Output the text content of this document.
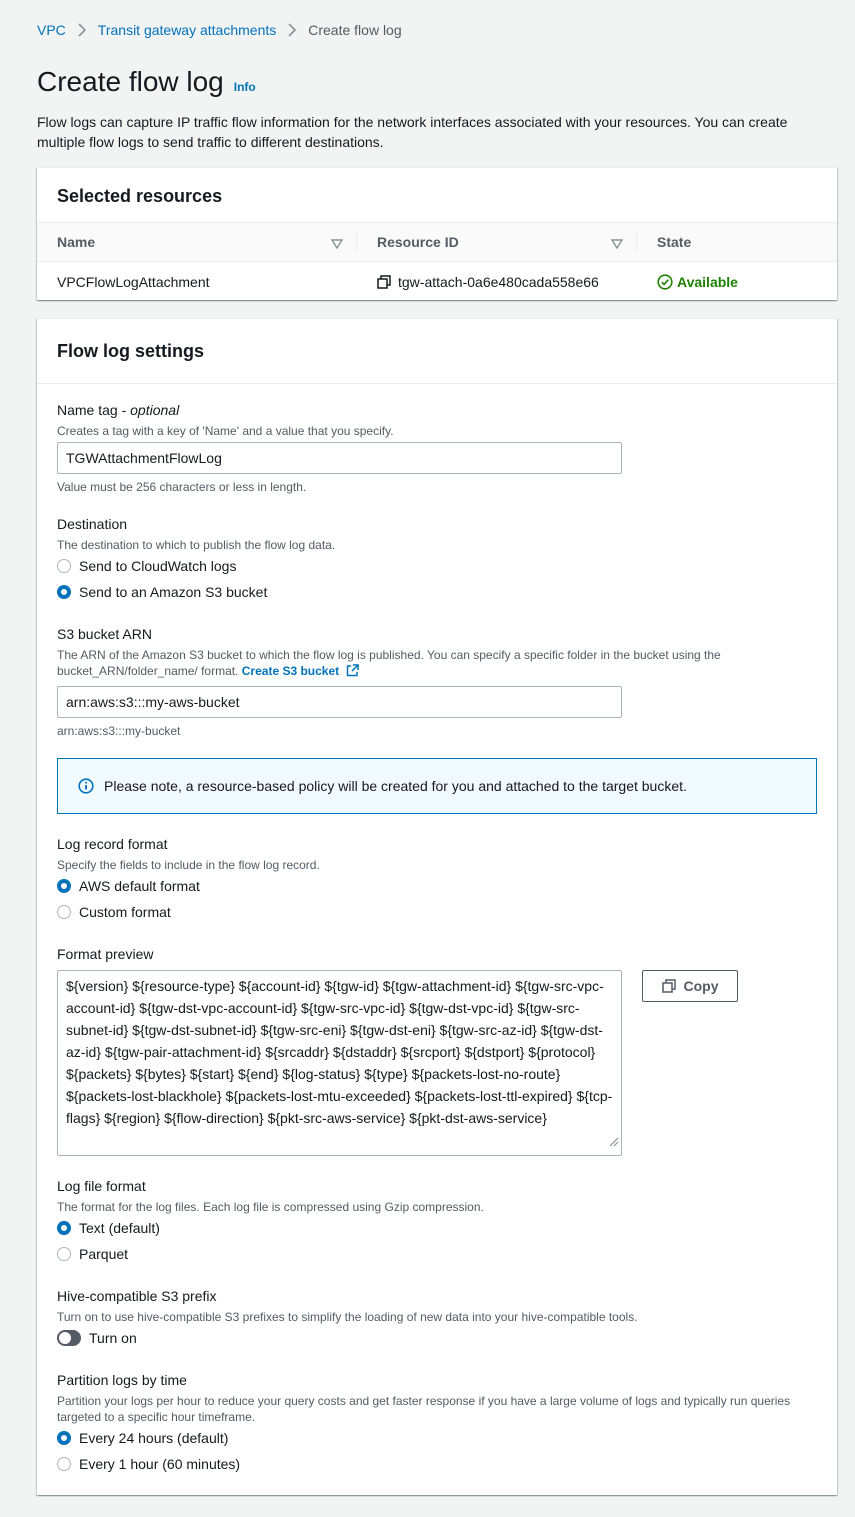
VPC Transit gateway attachments Create flow log
Create flow log Info

Flow logs can capture IP traffic flow information for the network interfaces associated with your resources. You can create multiple flow logs to send traffic to different destinations.

Selected resources
Name	Resource ID	State
VPCFlowLogAttachment	tgw-attach-0a6e480cada558e66	Available
Flow log settings
Name tag - optional
Creates a tag with a key of 'Name' and a value that you specify.
TGWAttachmentFlowLog
Value must be 256 characters or less in length.
Destination
The destination to which to publish the flow log data.
Send to CloudWatch logs
Send to an Amazon S3 bucket
S3 bucket ARN
The ARN of the Amazon S3 bucket to which the flow log is published. You can specify a specific folder in the bucket using the
bucket_ARN/folder_name/ format. Create S3 bucket
arn:aws:s3:::my-aws-bucket
arn:aws:s3:::my-bucket
Please note, a resource-based policy will be created for you and attached to the target bucket.
Log record format
Specify the fields to include in the flow log record.
AWS default format
Custom format
Format preview
${version} ${resource-type} ${account-id} ${tgw-id} ${tgw-attachment-id} ${tgw-src-vpc-account-id} ${tgw-dst-vpc-account-id} ${tgw-src-vpc-id} ${tgw-dst-vpc-id} ${tgw-src-subnet-id} ${tgw-dst-subnet-id} ${tgw-src-eni} ${tgw-dst-eni} ${tgw-src-az-id} ${tgw-dst-az-id} ${tgw-pair-attachment-id} ${srcaddr} ${dstaddr} ${srcport} ${dstport} ${protocol} ${packets} ${bytes} ${start} ${end} ${log-status} ${type} ${packets-lost-no-route} ${packets-lost-blackhole} ${packets-lost-mtu-exceeded} ${packets-lost-ttl-expired} ${tcp-flags} ${region} ${flow-direction} ${pkt-src-aws-service} ${pkt-dst-aws-service}
Copy
Log file format
The format for the log files. Each log file is compressed using Gzip compression.
Text (default)
Parquet
Hive-compatible S3 prefix
Turn on to use hive-compatible S3 prefixes to simplify the loading of new data into your hive-compatible tools.
Turn on
Partition logs by time
Partition your logs per hour to reduce your query costs and get faster response if you have a large volume of logs and typically run queries targeted to a specific hour timeframe.
Every 24 hours (default)
Every 1 hour (60 minutes)
